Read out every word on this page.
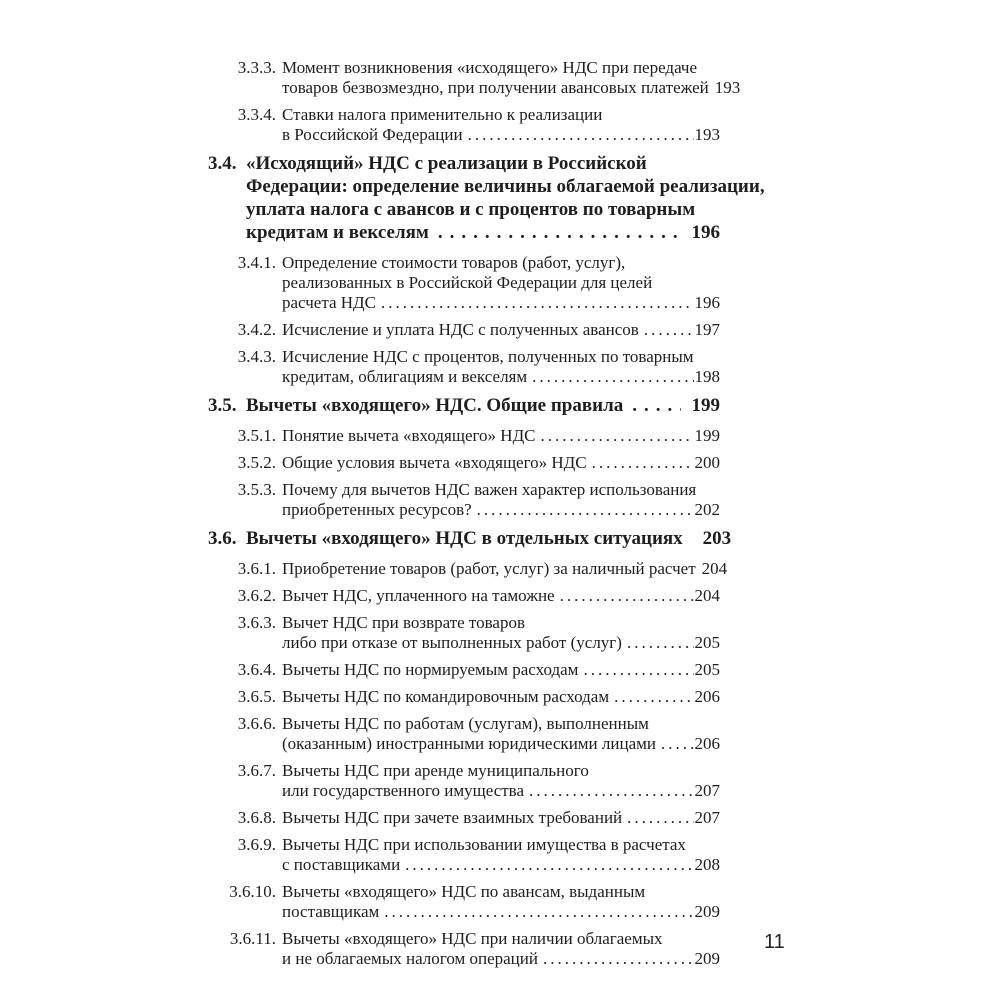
3.3.3. Момент возникновения «исходящего» НДС при передаче
товаров безвозмездно, при получении авансовых платежей 193
3.3.4. Ставки налога применительно к реализации
в Российской Федерации .....	193
3.4. «Исходящий» НДС с реализации в Российской
Федерации: определение величины облагаемой реализации,
уплата налога с авансов и с процентов по товарным
кредитам и векселям .....	196
3.4.1. Определение стоимости товаров (работ, услуг),
реализованных в Российской Федерации для целей
расчета НДС .....	196
3.4.2. Исчисление и уплата НДС с полученных авансов .....	197
3.4.3. Исчисление НДС с процентов, полученных по товарным
кредитам, облигациям и векселям .....	198
3.5. Вычеты «входящего» НДС. Общие правила .....	199
3.5.1. Понятие вычета «входящего» НДС .....	199
3.5.2. Общие условия вычета «входящего» НДС .....	200
3.5.3. Почему для вычетов НДС важен характер использования
приобретенных ресурсов? .....	202
3.6. Вычеты «входящего» НДС в отдельных ситуациях 203
3.6.1. Приобретение товаров (работ, услуг) за наличный расчет 204
3.6.2. Вычет НДС, уплаченного на таможне .....	204
3.6.3. Вычет НДС при возврате товаров
либо при отказе от выполненных работ (услуг) .....	205
3.6.4. Вычеты НДС по нормируемым расходам .....	205
3.6.5. Вычеты НДС по командировочным расходам .....	206
3.6.6. Вычеты НДС по работам (услугам), выполненным
(оказанным) иностранными юридическими лицами ..... 206
3.6.7. Вычеты НДС при аренде муниципального
или государственного имущества .....	207
3.6.8. Вычеты НДС при зачете взаимных требований .....	207
3.6.9. Вычеты НДС при использовании имущества в расчетах
с поставщиками .....	208
3.6.10. Вычеты «входящего» НДС по авансам, выданным
поставщикам .....	209
3.6.11. Вычеты «входящего» НДС при наличии облагаемых
и не облагаемых налогом операций .....	209
11
